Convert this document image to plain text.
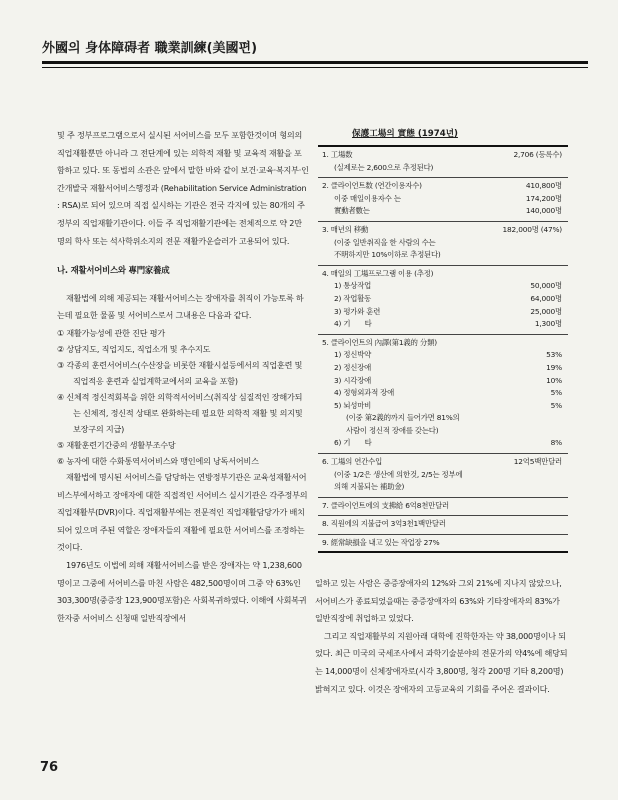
外國의 身体障碍者 職業訓練(美國편)

및 주 정부프로그램으로서 실시된 서어비스를 모두 포함한것이며 형의의 직업재활뿐만 아니라 그 전단계에 있는 의학적 재활 및 교육적 재활을 포함하고 있다. 또 동법의 소관은 앞에서 말한 바와 같이 보건·교육·복지부·인간개발국 재활서어비스행정과 (Rehabilitation Service Administration : RSA)로 되어 있으며 직접 실시하는 기관은 전국 각지에 있는 80개의 주 정부의 직업재활기관이다. 이들 주 직업재활기관에는 전체적으로 약 2만명의 학사 또는 석사학위소지의 전문 재활카운슬러가 고용되어 있다.

나. 재활서어비스와 專門家養成

재활법에 의해 제공되는 재활서어비스는 장애자를 취직이 가능토록 하는데 필요한 물품 및 서어비스로서 그내용은 다음과 같다.

① 재활가능성에 관한 진단 평가

② 상담지도, 직업지도, 직업소개 및 추수지도

③ 각종의 훈련서어비스(수산장을 비롯한 재활시설등에서의 직업훈련 및 직업적응 훈련과 실업계학교에서의 교육을 포함)

④ 신체적 정신적회복을 위한 의학적서어비스(취직상 심질적인 장해가되는 신체적, 정신적 상태로 완화하는데 필요한 의학적 재활 및 의지및 보장구의 지급)

⑤ 재활훈련기간중의 생활부조수당

⑥ 농자에 대한 수화통역서어비스와 맹인에의 낭독서어비스

재활법에 명시된 서어비스를 담당하는 연방정부기관은 교육성재활서어비스부에서하고 장애자에 대한 직접적인 서어비스 실시기관은 각주정부의 직업재활부(DVR)이다. 직업재활부에는 전문적인 직업재활담당가가 배치되어 있으며 주된 역할은 장애자들의 재활에 필요한 서어비스를 조정하는 것이다.

1976년도 이법에 의해 재활서어비스를 받은 장애자는 약 1,238,600명이고 그중에 서어비스를 마친 사람은 482,500명이며 그중 약 63%인 303,300명(중증장 123,900명포함)은 사회복귀하였다. 이해에 사회복귀한자중 서어비스 신청때 일반직장에서

保護工場의 實態 (1974년)
1. 工場数	2,706 (등록수)
(실제로는 2,600으로 추정된다)
2. 클라이언트数 (연간이용자수)	410,800명
이중 매일이용자수 는	174,200명
實動者數는	140,000명
3. 매년의 移動	182,000명 (47%)
(이중 일반취직을 한 사람의 수는
不明하지만 10%이하로 추정된다)
4. 매일의 工場프로그램 이용 (추정)
1) 통상작업	50,000명
2) 작업활동	64,000명
3) 평가와 훈련	25,000명
4) 기　　타	1,300명
5. 클라이언트의 內譯(第1義的 分類)
1) 정신박약	53%
2) 정신장애	19%
3) 시각장애	10%
4) 정형외과적 장애	5%
5) 뇌성마비	5%
(이중 第2義的까지 들어가면 81%의
사람이 정신적 장애를 갖는다)
6) 기　　타	8%
6. 工場의 연간수입	12억5백만달러
(이중 1/2은 생산에 의한것, 2/5는 정부에
의해 지불되는 補助金)
7. 클라이언트에의 支拂給 6억8천만달러
8. 직원에의 지불급여 3억3천1백만달러
9. 經常缺損을 내고 있는 작업장 27%

일하고 있는 사람은 중증장애자의 12%와 그외 21%에 지나지 않았으나, 서어비스가 종료되었을때는 중증장애자의 63%와 기타장애자의 83%가 일반직장에 취업하고 있었다.

그리고 직업재활부의 지원아래 대학에 진학한자는 약 38,000명이나 되었다. 최근 미국의 국세조사에서 과학기술분야의 전문가의 약4%에 해당되는 14,000명이 신체장애자로(시각 3,800명, 청각 200명 기타 8,200명)밝혀지고 있다. 이것은 장애자의 고등교육의 기회를 주어온 결과이다.

76
